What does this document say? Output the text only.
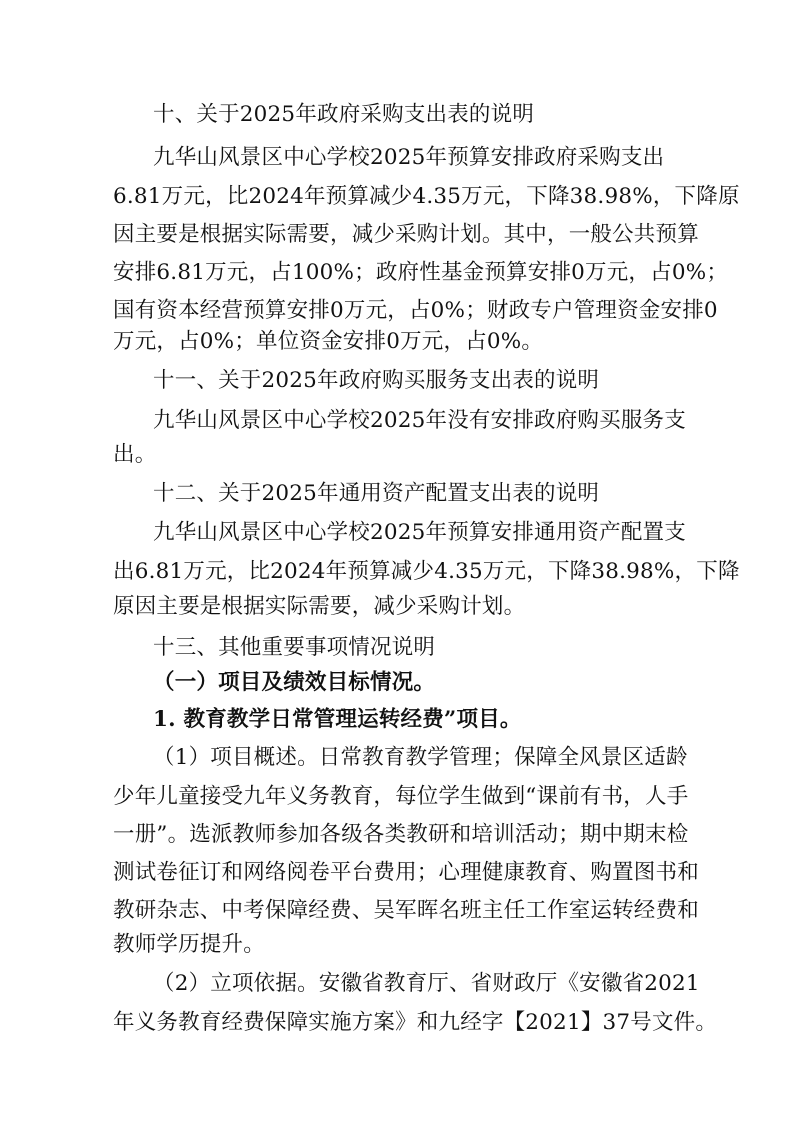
十、关于2025年政府采购支出表的说明
九华山风景区中心学校2025年预算安排政府采购支出
6.81万元，比2024年预算减少4.35万元，下降38.98%，下降原
因主要是根据实际需要，减少采购计划。其中，一般公共预算
安排6.81万元，占100%；政府性基金预算安排0万元，占0%；
国有资本经营预算安排0万元，占0%；财政专户管理资金安排0
万元，占0%；单位资金安排0万元，占0%。
十一、关于2025年政府购买服务支出表的说明
九华山风景区中心学校2025年没有安排政府购买服务支
出。
十二、关于2025年通用资产配置支出表的说明
九华山风景区中心学校2025年预算安排通用资产配置支
出6.81万元，比2024年预算减少4.35万元，下降38.98%，下降
原因主要是根据实际需要，减少采购计划。
十三、其他重要事项情况说明
（一）项目及绩效目标情况。
1. 教育教学日常管理运转经费”项目。
（1）项目概述。日常教育教学管理；保障全风景区适龄
少年儿童接受九年义务教育，每位学生做到“课前有书，人手
一册”。选派教师参加各级各类教研和培训活动；期中期末检
测试卷征订和网络阅卷平台费用；心理健康教育、购置图书和
教研杂志、中考保障经费、吴军晖名班主任工作室运转经费和
教师学历提升。
（2）立项依据。安徽省教育厅、省财政厅《安徽省2021
年义务教育经费保障实施方案》和九经字【2021】37号文件。
